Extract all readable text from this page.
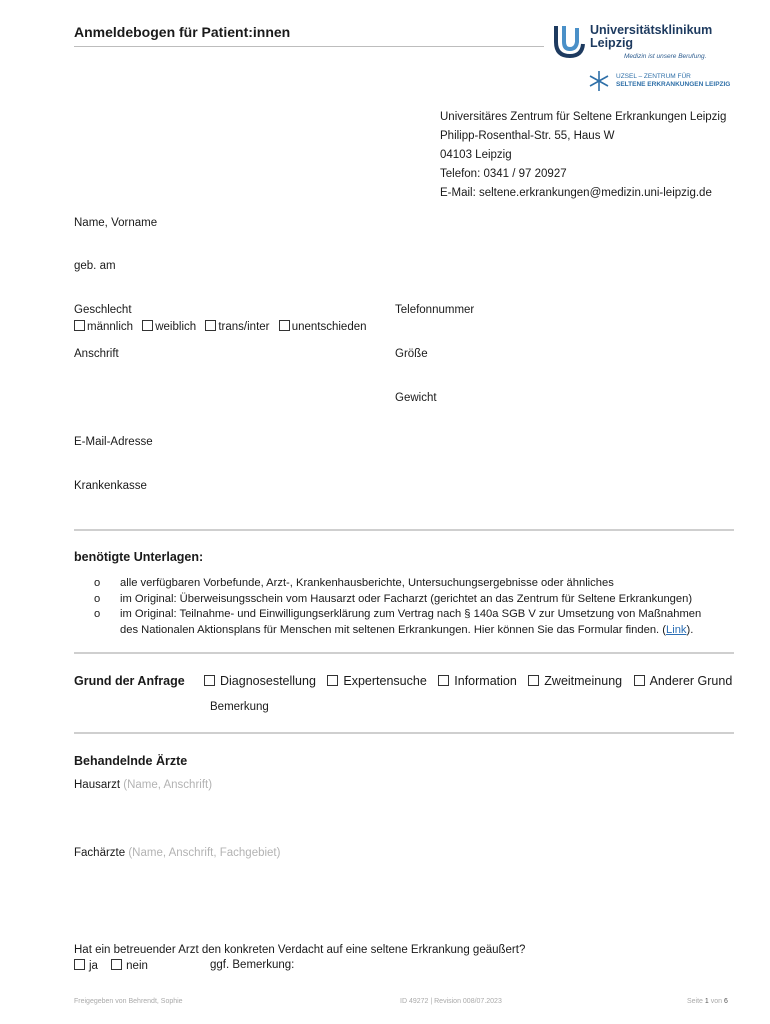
Anmeldebogen für Patient:innen	Universitätsklinikum
Leipzig
Medizin ist unsere Berufung.
UZSEL – ZENTRUM FÜR
SELTENE ERKRANKUNGEN LEIPZIG
Universitäres Zentrum für Seltene Erkrankungen Leipzig
Philipp-Rosenthal-Str. 55, Haus W
04103 Leipzig
Telefon: 0341 / 97 20927
E-Mail: seltene.erkrankungen@medizin.uni-leipzig.de
Name, Vorname
geb. am
Geschlecht
männlich weiblich trans/inter unentschieden
Telefonnummer
Anschrift	Größe
Gewicht
E-Mail-Adresse
Krankenkasse
benötigte Unterlagen:
o alle verfügbaren Vorbefunde, Arzt-, Krankenhausberichte, Untersuchungsergebnisse oder ähnliches
o im Original: Überweisungsschein vom Hausarzt oder Facharzt (gerichtet an das Zentrum für Seltene Erkrankungen)
o im Original: Teilnahme- und Einwilligungserklärung zum Vertrag nach § 140a SGB V zur Umsetzung von Maßnahmen
des Nationalen Aktionsplans für Menschen mit seltenen Erkrankungen. Hier können Sie das Formular finden. (Link).
Grund der Anfrage	Diagnosestellung Expertensuche Information Zweitmeinung Anderer Grund
Bemerkung
Behandelnde Ärzte
Hausarzt (Name, Anschrift)
Fachärzte (Name, Anschrift, Fachgebiet)
Hat ein betreuender Arzt den konkreten Verdacht auf eine seltene Erkrankung geäußert?
ja nein	ggf. Bemerkung:
Freigegeben von Behrendt, Sophie	ID 49272 | Revision 008/07.2023	Seite 1 von 6
